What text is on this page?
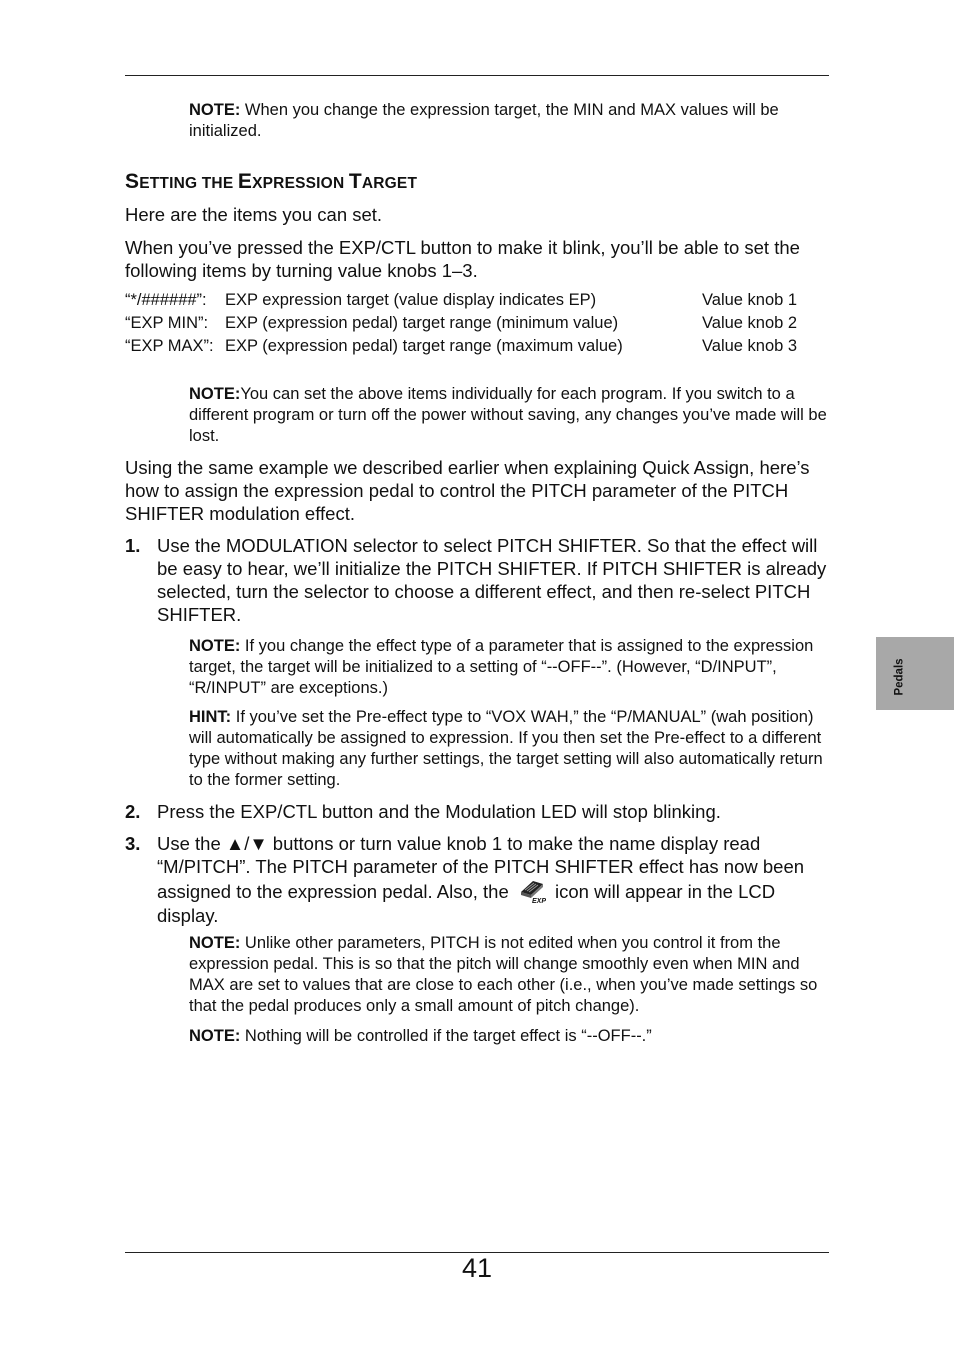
NOTE: When you change the expression target, the MIN and MAX values will be initialized.
SETTING THE EXPRESSION TARGET

Here are the items you can set.

When you’ve pressed the EXP/CTL button to make it blink, you’ll be able to set the following items by turning value knobs 1–3.

“*/######”:	EXP expression target (value display indicates EP)	Value knob 1
“EXP MIN”:	EXP (expression pedal) target range (minimum value)	Value knob 2
“EXP MAX”:	EXP (expression pedal) target range (maximum value)	Value knob 3
NOTE:You can set the above items individually for each program. If you switch to a different program or turn off the power without saving, any changes you’ve made will be lost.

Using the same example we described earlier when explaining Quick Assign, here’s how to assign the expression pedal to control the PITCH parameter of the PITCH SHIFTER modulation effect.

1. Use the MODULATION selector to select PITCH SHIFTER. So that the effect will be easy to hear, we’ll initialize the PITCH SHIFTER. If PITCH SHIFTER is already selected, turn the selector to choose a different effect, and then re-select PITCH SHIFTER.
NOTE: If you change the effect type of a parameter that is assigned to the expression target, the target will be initialized to a setting of “--OFF--”. (However, “D/INPUT”, “R/INPUT” are exceptions.)
HINT: If you’ve set the Pre-effect type to “VOX WAH,” the “P/MANUAL” (wah position) will automatically be assigned to expression. If you then set the Pre-effect to a different type without making any further settings, the target setting will also automatically return to the former setting.
2. Press the EXP/CTL button and the Modulation LED will stop blinking.
3. Use the ▲/▼ buttons or turn value knob 1 to make the name display read “M/PITCH”. The PITCH parameter of the PITCH SHIFTER effect has now been assigned to the expression pedal. Also, the	EXP icon will appear in the LCD display.
NOTE: Unlike other parameters, PITCH is not edited when you control it from the expression pedal. This is so that the pitch will change smoothly even when MIN and MAX are set to values that are close to each other (i.e., when you’ve made settings so that the pedal produces only a small amount of pitch change).
NOTE: Nothing will be controlled if the target effect is “--OFF--.”
Pedals
41
